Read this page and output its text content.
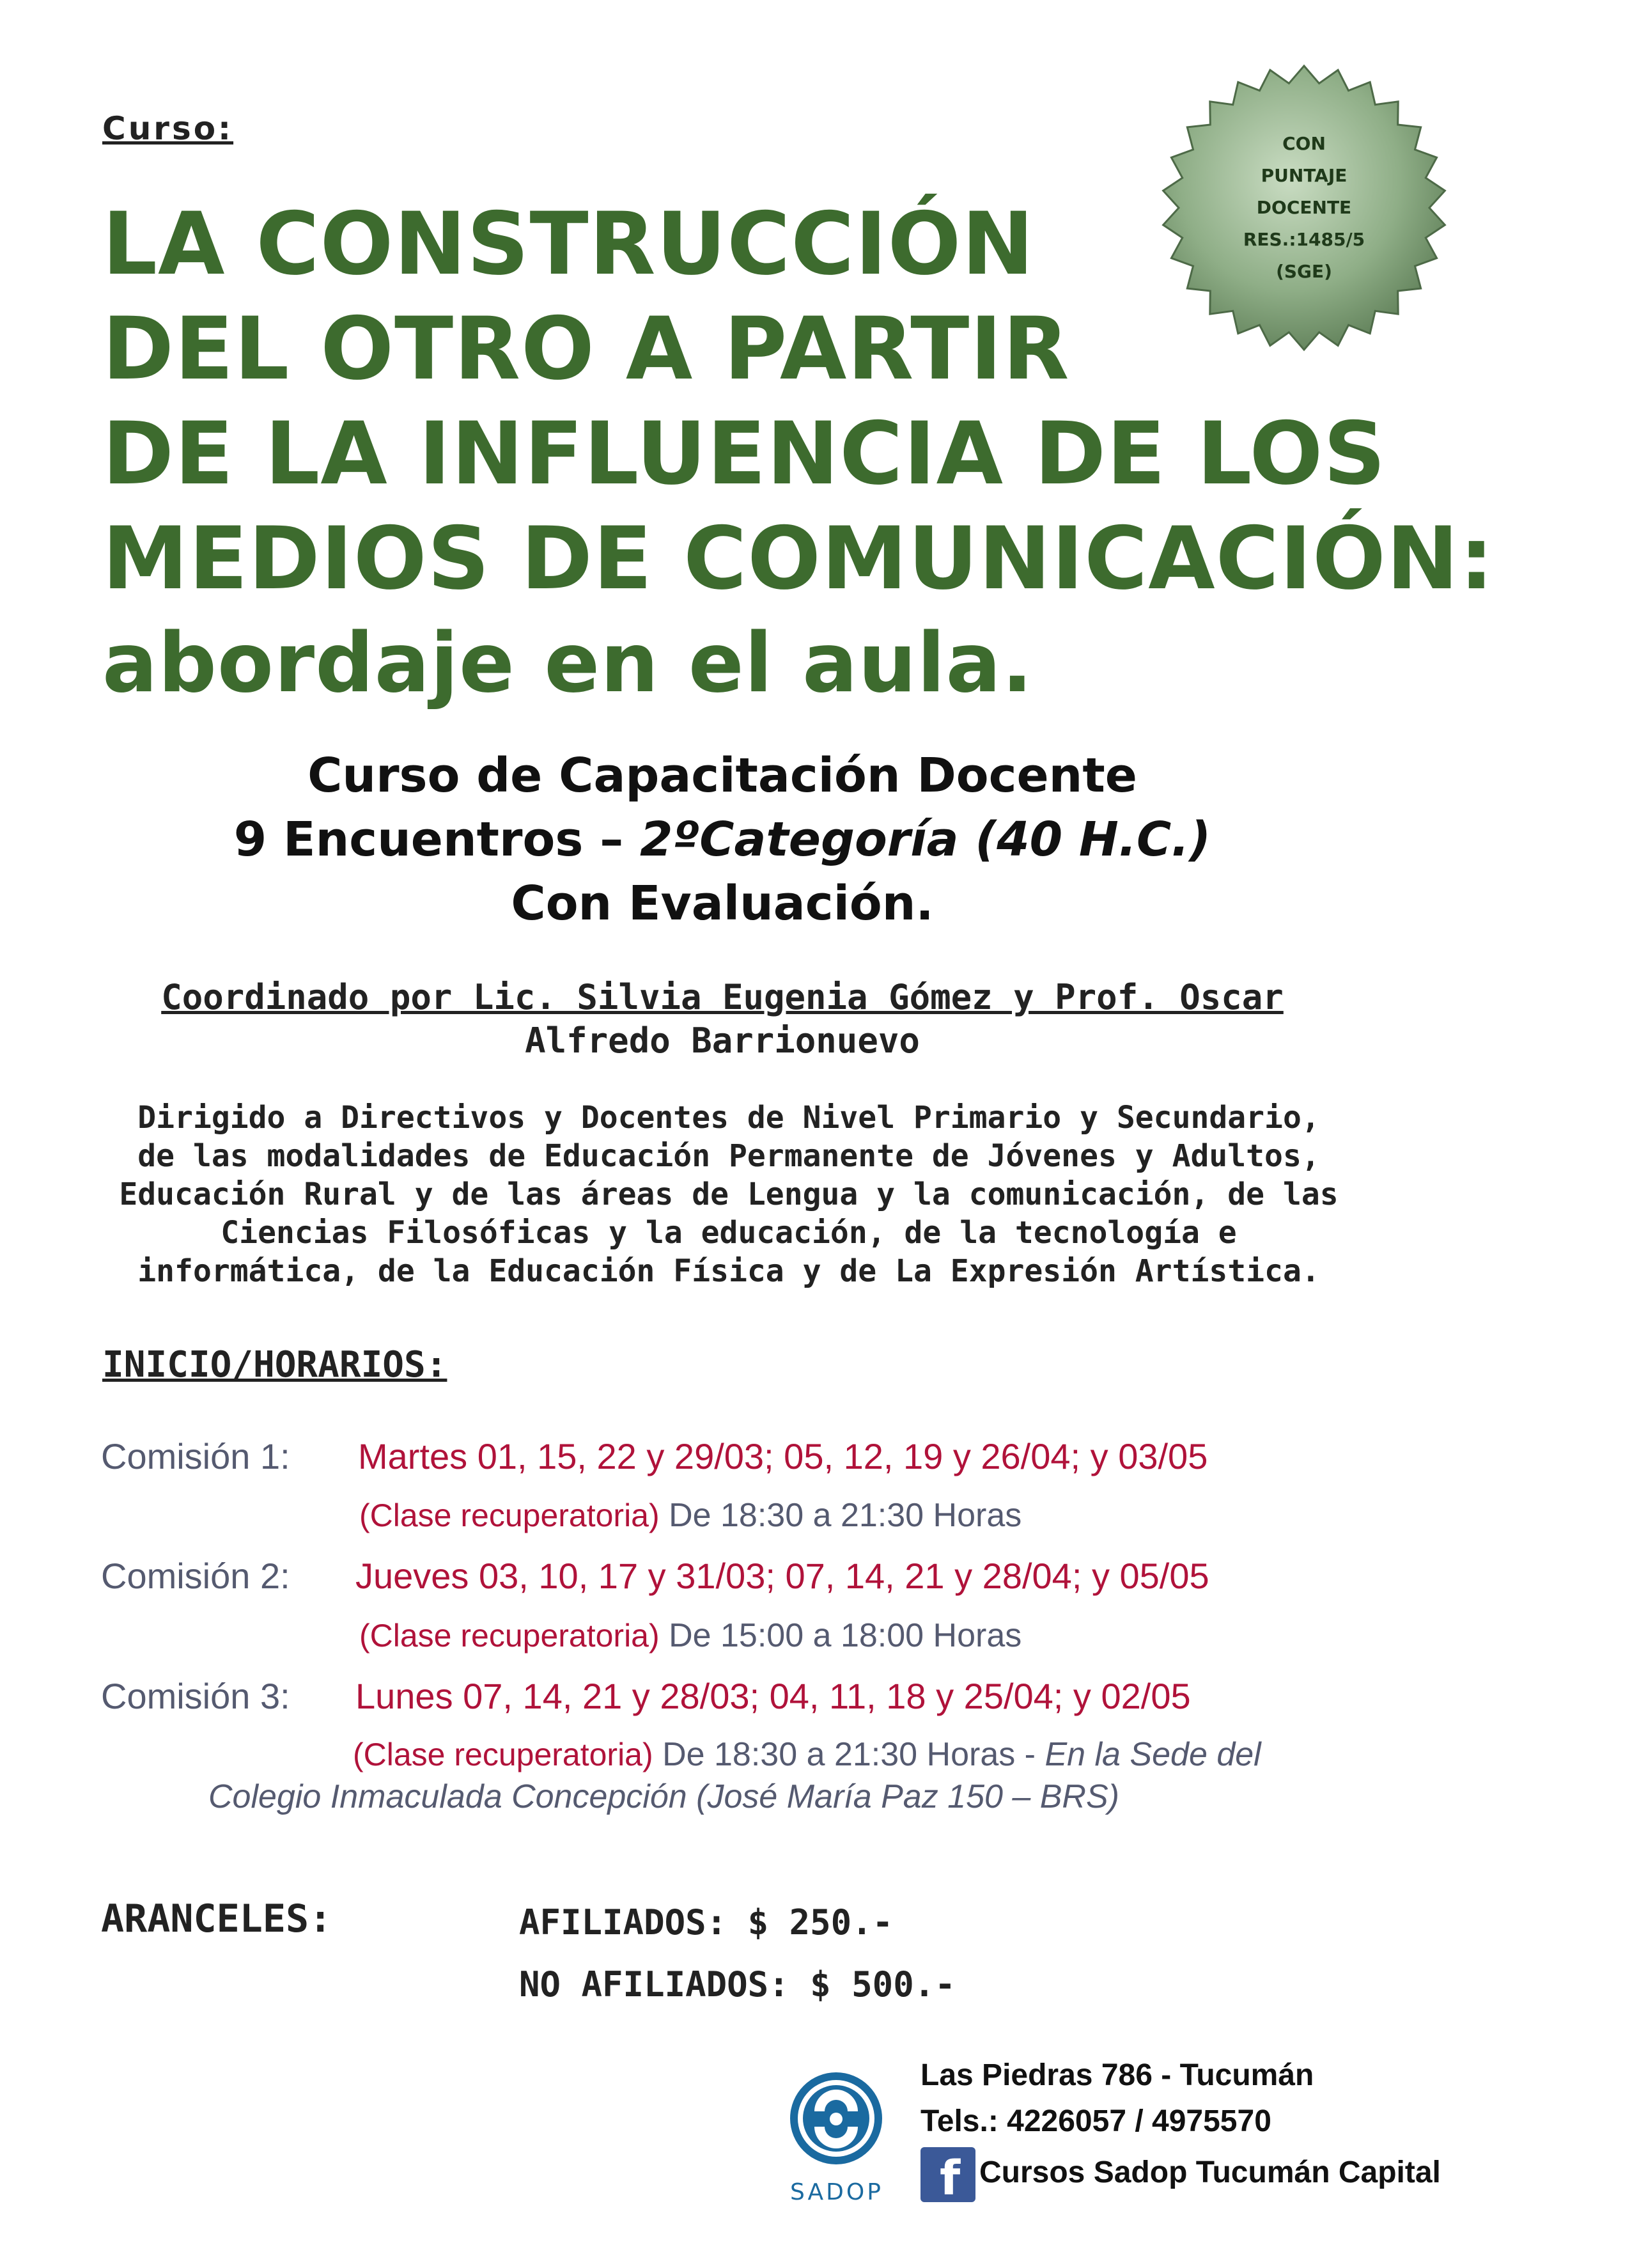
Curso:
LA CONSTRUCCIÓN
DEL OTRO A PARTIR
DE LA INFLUENCIA DE LOS
MEDIOS DE COMUNICACIÓN:
abordaje en el aula.
CON
PUNTAJE
DOCENTE
RES.:1485/5
(SGE)
Curso de Capacitación Docente
9 Encuentros – 2ºCategoría (40 H.C.)
Con Evaluación.
Coordinado por Lic. Silvia Eugenia Gómez y Prof. Oscar
Alfredo Barrionuevo
Dirigido a Directivos y Docentes de Nivel Primario y Secundario,
de las modalidades de Educación Permanente de Jóvenes y Adultos,
Educación Rural y de las áreas de Lengua y la comunicación, de las
Ciencias Filosóficas y la educación, de la tecnología e
informática, de la Educación Física y de La Expresión Artística.
INICIO/HORARIOS:
Comisión 1: Martes 01, 15, 22 y 29/03; 05, 12, 19 y 26/04; y 03/05
(Clase recuperatoria) De 18:30 a 21:30 Horas
Comisión 2: Jueves 03, 10, 17 y 31/03; 07, 14, 21 y 28/04; y 05/05
(Clase recuperatoria) De 15:00 a 18:00 Horas
Comisión 3: Lunes 07, 14, 21 y 28/03; 04, 11, 18 y 25/04; y 02/05
(Clase recuperatoria) De 18:30 a 21:30 Horas - En la Sede del
Colegio Inmaculada Concepción (José María Paz 150 – BRS)
ARANCELES:	AFILIADOS: $ 250.-
NO AFILIADOS: $ 500.-
SADOP
Las Piedras 786 - Tucumán
Tels.: 4226057 / 4975570
f Cursos Sadop Tucumán Capital
